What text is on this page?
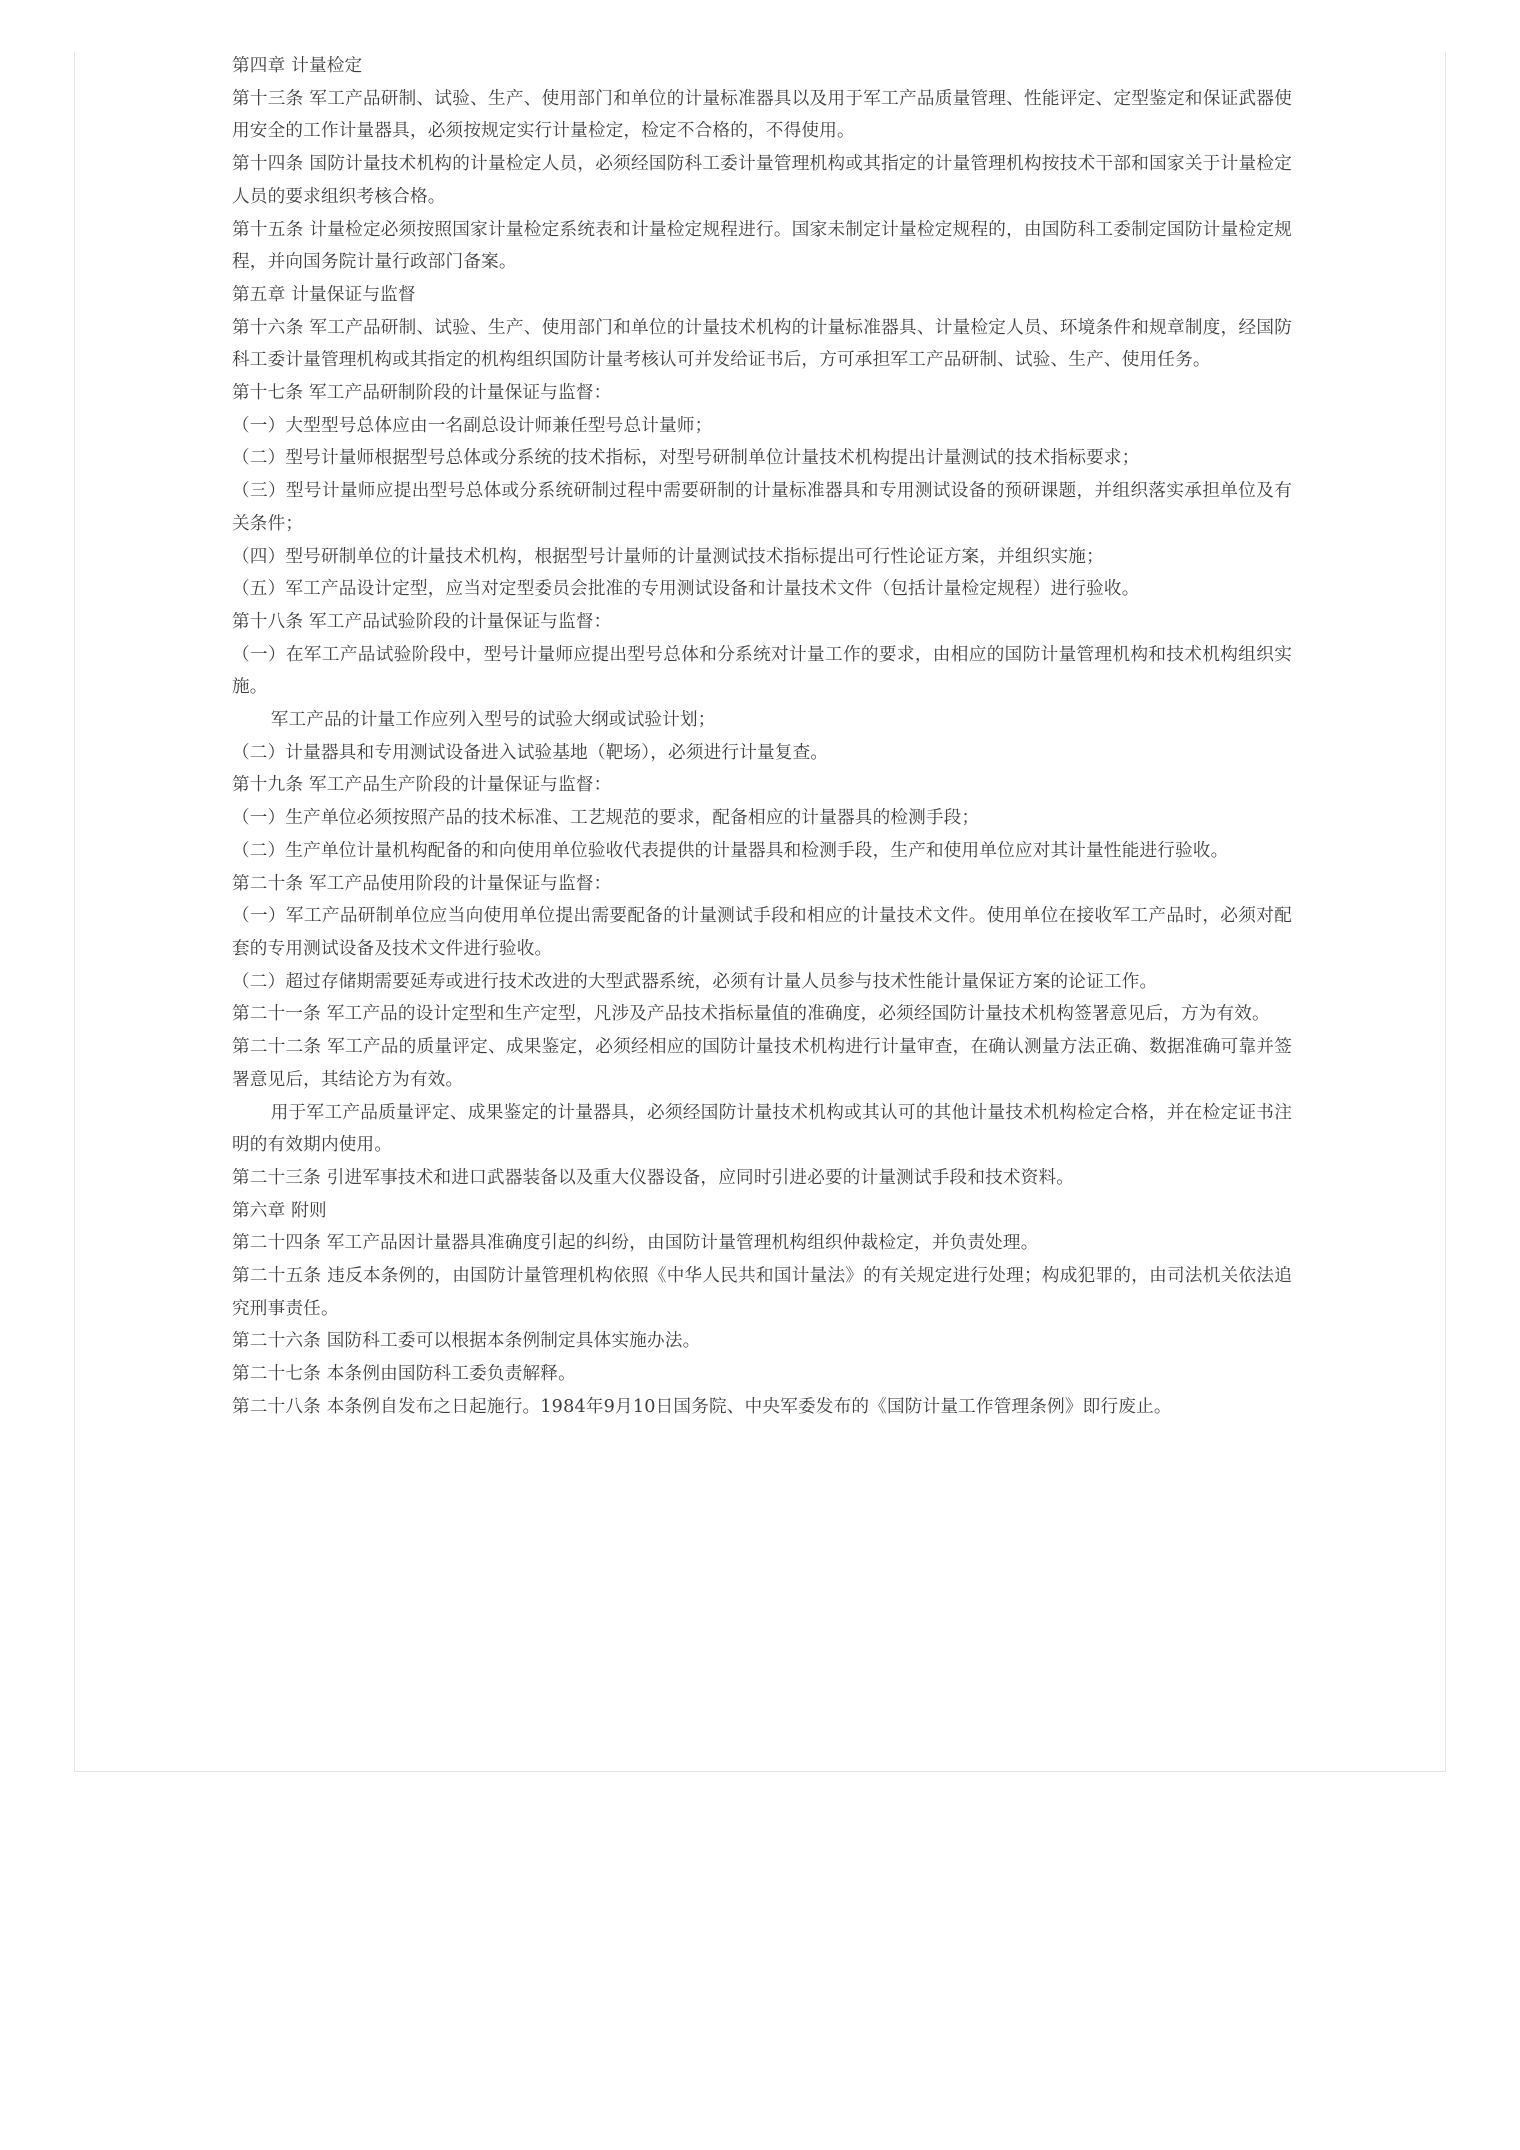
第四章 计量检定

第十三条 军工产品研制、试验、生产、使用部门和单位的计量标准器具以及用于军工产品质量管理、性能评定、定型鉴定和保证武器使用安全的工作计量器具，必须按规定实行计量检定，检定不合格的，不得使用。

第十四条 国防计量技术机构的计量检定人员，必须经国防科工委计量管理机构或其指定的计量管理机构按技术干部和国家关于计量检定人员的要求组织考核合格。

第十五条 计量检定必须按照国家计量检定系统表和计量检定规程进行。国家未制定计量检定规程的，由国防科工委制定国防计量检定规程，并向国务院计量行政部门备案。

第五章 计量保证与监督

第十六条 军工产品研制、试验、生产、使用部门和单位的计量技术机构的计量标准器具、计量检定人员、环境条件和规章制度，经国防科工委计量管理机构或其指定的机构组织国防计量考核认可并发给证书后，方可承担军工产品研制、试验、生产、使用任务。

第十七条 军工产品研制阶段的计量保证与监督：

（一）大型型号总体应由一名副总设计师兼任型号总计量师；

（二）型号计量师根据型号总体或分系统的技术指标，对型号研制单位计量技术机构提出计量测试的技术指标要求；

（三）型号计量师应提出型号总体或分系统研制过程中需要研制的计量标准器具和专用测试设备的预研课题，并组织落实承担单位及有关条件；

（四）型号研制单位的计量技术机构，根据型号计量师的计量测试技术指标提出可行性论证方案，并组织实施；

（五）军工产品设计定型，应当对定型委员会批准的专用测试设备和计量技术文件（包括计量检定规程）进行验收。

第十八条 军工产品试验阶段的计量保证与监督：

（一）在军工产品试验阶段中，型号计量师应提出型号总体和分系统对计量工作的要求，由相应的国防计量管理机构和技术机构组织实施。

军工产品的计量工作应列入型号的试验大纲或试验计划；

（二）计量器具和专用测试设备进入试验基地（靶场），必须进行计量复查。

第十九条 军工产品生产阶段的计量保证与监督：

（一）生产单位必须按照产品的技术标准、工艺规范的要求，配备相应的计量器具的检测手段；

（二）生产单位计量机构配备的和向使用单位验收代表提供的计量器具和检测手段，生产和使用单位应对其计量性能进行验收。

第二十条 军工产品使用阶段的计量保证与监督：

（一）军工产品研制单位应当向使用单位提出需要配备的计量测试手段和相应的计量技术文件。使用单位在接收军工产品时，必须对配套的专用测试设备及技术文件进行验收。

（二）超过存储期需要延寿或进行技术改进的大型武器系统，必须有计量人员参与技术性能计量保证方案的论证工作。

第二十一条 军工产品的设计定型和生产定型，凡涉及产品技术指标量值的准确度，必须经国防计量技术机构签署意见后，方为有效。

第二十二条 军工产品的质量评定、成果鉴定，必须经相应的国防计量技术机构进行计量审查，在确认测量方法正确、数据准确可靠并签署意见后，其结论方为有效。

用于军工产品质量评定、成果鉴定的计量器具，必须经国防计量技术机构或其认可的其他计量技术机构检定合格，并在检定证书注明的有效期内使用。

第二十三条 引进军事技术和进口武器装备以及重大仪器设备，应同时引进必要的计量测试手段和技术资料。

第六章 附则

第二十四条 军工产品因计量器具准确度引起的纠纷，由国防计量管理机构组织仲裁检定，并负责处理。

第二十五条 违反本条例的，由国防计量管理机构依照《中华人民共和国计量法》的有关规定进行处理；构成犯罪的，由司法机关依法追究刑事责任。

第二十六条 国防科工委可以根据本条例制定具体实施办法。

第二十七条 本条例由国防科工委负责解释。

第二十八条 本条例自发布之日起施行。1984年9月10日国务院、中央军委发布的《国防计量工作管理条例》即行废止。
